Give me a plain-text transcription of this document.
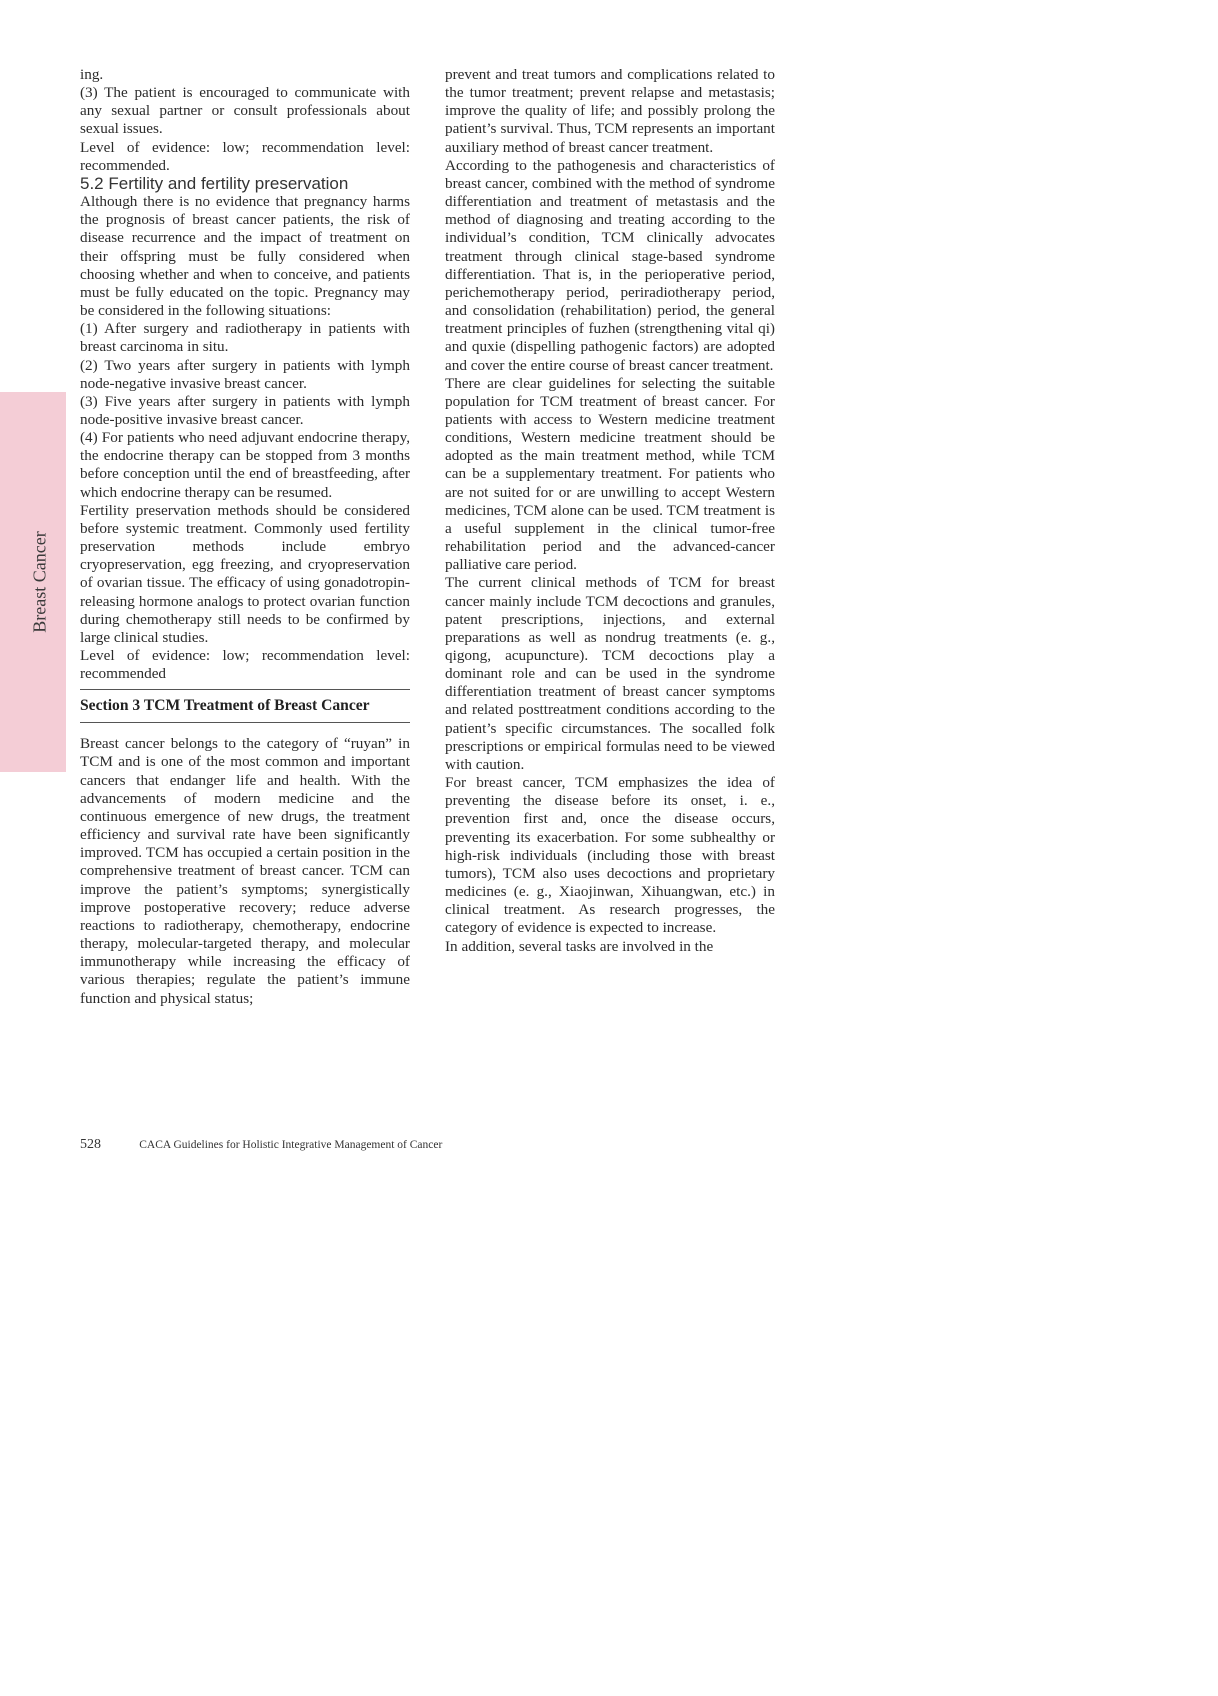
Breast Cancer

ing.

(3) The patient is encouraged to communicate with any sexual partner or consult professionals about sexual issues.

Level of evidence: low; recommendation level: recommended.

5.2 Fertility and fertility preservation

Although there is no evidence that pregnancy harms the prognosis of breast cancer patients, the risk of disease recurrence and the impact of treatment on their offspring must be fully considered when choosing whether and when to conceive, and patients must be fully educated on the topic. Pregnancy may be considered in the following situations:

(1) After surgery and radiotherapy in patients with breast carcinoma in situ.

(2) Two years after surgery in patients with lymph node-negative invasive breast cancer.

(3) Five years after surgery in patients with lymph node-positive invasive breast cancer.

(4) For patients who need adjuvant endocrine therapy, the endocrine therapy can be stopped from 3 months before conception until the end of breastfeeding, after which endocrine therapy can be resumed.

Fertility preservation methods should be considered before systemic treatment. Commonly used fertility preservation methods include embryo cryopreservation, egg freezing, and cryopreservation of ovarian tissue. The efficacy of using gonadotropin-releasing hormone analogs to protect ovarian function during chemotherapy still needs to be confirmed by large clinical studies.

Level of evidence: low; recommendation level: recommended

Section 3 TCM Treatment of Breast Cancer

Breast cancer belongs to the category of “ruyan” in TCM and is one of the most common and important cancers that endanger life and health. With the advancements of modern medicine and the continuous emergence of new drugs, the treatment efficiency and survival rate have been significantly improved. TCM has occupied a certain position in the comprehensive treatment of breast cancer. TCM can improve the patient’s symptoms; synergistically improve postoperative recovery; reduce adverse reactions to radiotherapy, chemotherapy, endocrine therapy, molecular-targeted therapy, and molecular immunotherapy while increasing the efficacy of various therapies; regulate the patient’s immune function and physical status;

prevent and treat tumors and complications related to the tumor treatment; prevent relapse and metastasis; improve the quality of life; and possibly prolong the patient’s survival. Thus, TCM represents an important auxiliary method of breast cancer treatment.

According to the pathogenesis and characteristics of breast cancer, combined with the method of syndrome differentiation and treatment of metastasis and the method of diagnosing and treating according to the individual’s condition, TCM clinically advocates treatment through clinical stage-based syndrome differentiation. That is, in the perioperative period, perichemotherapy period, periradiotherapy period, and consolidation (rehabilitation) period, the general treatment principles of fuzhen (strengthening vital qi) and quxie (dispelling pathogenic factors) are adopted and cover the entire course of breast cancer treatment.

There are clear guidelines for selecting the suitable population for TCM treatment of breast cancer. For patients with access to Western medicine treatment conditions, Western medicine treatment should be adopted as the main treatment method, while TCM can be a supplementary treatment. For patients who are not suited for or are unwilling to accept Western medicines, TCM alone can be used. TCM treatment is a useful supplement in the clinical tumor-free rehabilitation period and the advanced-cancer palliative care period.

The current clinical methods of TCM for breast cancer mainly include TCM decoctions and granules, patent prescriptions, injections, and external preparations as well as nondrug treatments (e. g., qigong, acupuncture). TCM decoctions play a dominant role and can be used in the syndrome differentiation treatment of breast cancer symptoms and related posttreatment conditions according to the patient’s specific circumstances. The socalled folk prescriptions or empirical formulas need to be viewed with caution.

For breast cancer, TCM emphasizes the idea of preventing the disease before its onset, i. e., prevention first and, once the disease occurs, preventing its exacerbation. For some subhealthy or high-risk individuals (including those with breast tumors), TCM also uses decoctions and proprietary medicines (e. g., Xiaojinwan, Xihuangwan, etc.) in clinical treatment. As research progresses, the category of evidence is expected to increase.

In addition, several tasks are involved in the

528	CACA Guidelines for Holistic Integrative Management of Cancer
